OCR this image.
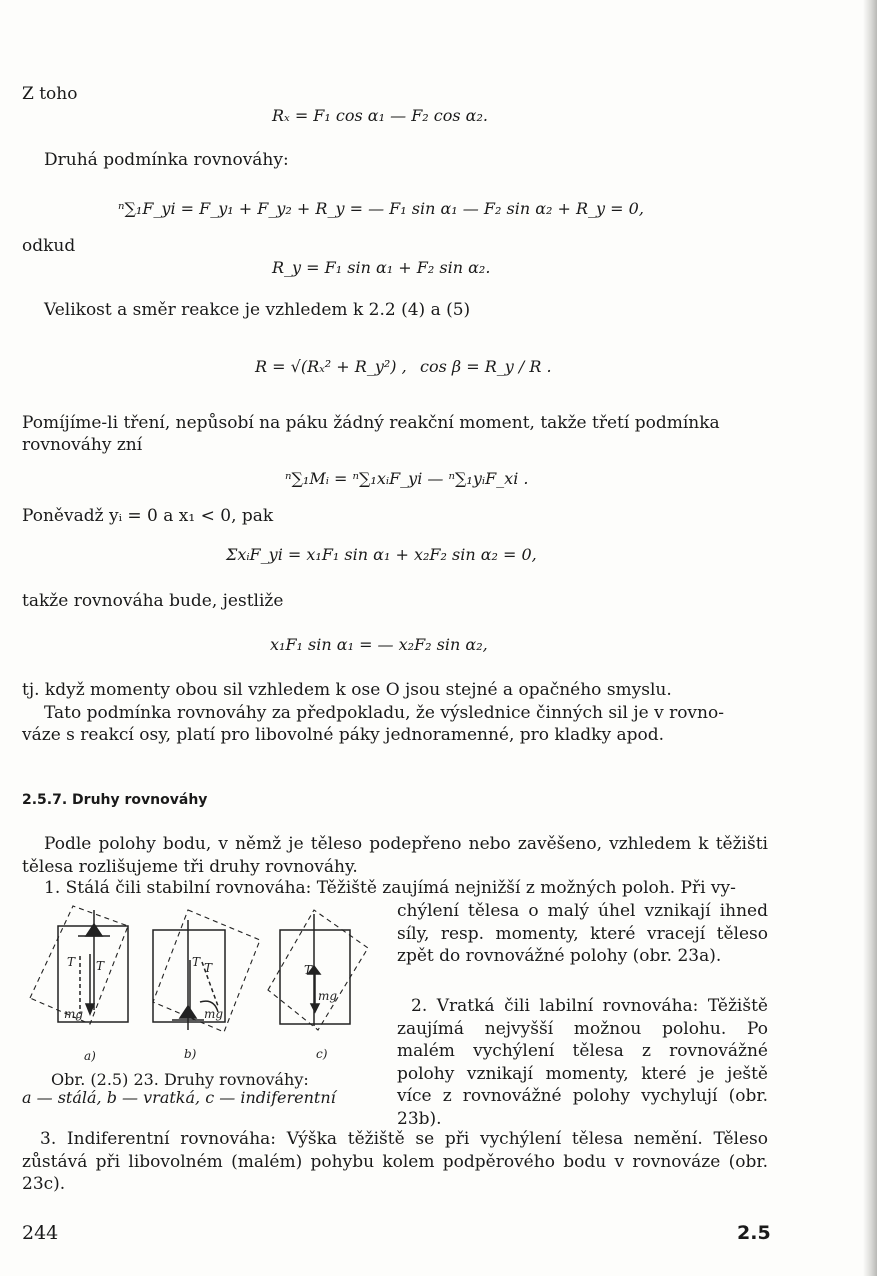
Z toho
Rₓ = F₁ cos α₁ — F₂ cos α₂.
Druhá podmínka rovnováhy:
ⁿ∑₁F_yi = F_y₁ + F_y₂ + R_y = — F₁ sin α₁ — F₂ sin α₂ + R_y = 0,
odkud
R_y = F₁ sin α₁ + F₂ sin α₂.
Velikost a směr reakce je vzhledem k 2.2 (4) a (5)
R = √(Rₓ² + R_y²) , cos β = R_y / R .
Pomíjíme-li tření, nepůsobí na páku žádný reakční moment, takže třetí podmínka
rovnováhy zní
ⁿ∑₁Mᵢ = ⁿ∑₁xᵢF_yi — ⁿ∑₁yᵢF_xi .
Poněvadž yᵢ = 0 a x₁ < 0, pak
ΣxᵢF_yi = x₁F₁ sin α₁ + x₂F₂ sin α₂ = 0,
takže rovnováha bude, jestliže
x₁F₁ sin α₁ = — x₂F₂ sin α₂,
tj. když momenty obou sil vzhledem k ose O jsou stejné a opačného smyslu.
Tato podmínka rovnováhy za předpokladu, že výslednice činných sil je v rovno-
váze s reakcí osy, platí pro libovolné páky jednoramenné, pro kladky apod.
2.5.7. Druhy rovnováhy
Podle polohy bodu, v němž je těleso podepřeno nebo zavěšeno, vzhledem k těžišti tělesa rozlišujeme tři druhy rovnováhy.
1. Stálá čili stabilní rovnováha: Těžiště zaujímá nejnižší z možných poloh. Při vy-
chýlení tělesa o malý úhel vznikají ihned síly, resp. momenty, které vracejí těleso zpět do rovnovážné polohy (obr. 23a).
2. Vratká čili labilní rovnováha: Těžiště zaujímá nejvyšší možnou polohu. Po malém vychýlení tělesa z rovnovážné polohy vznikají momenty, které je ještě více z rovnovážné polohy vychylují (obr. 23b).
T T
mg
T T
mg
T
mg
a)	b)	c)
Obr. (2.5) 23. Druhy rovnováhy:
a — stálá, b — vratká, c — indiferentní
3. Indiferentní rovnováha: Výška těžiště se při vychýlení tělesa nemění. Těleso zůstává při libovolném (malém) pohybu kolem podpěrového bodu v rovnováze (obr. 23c).
244	2.5
